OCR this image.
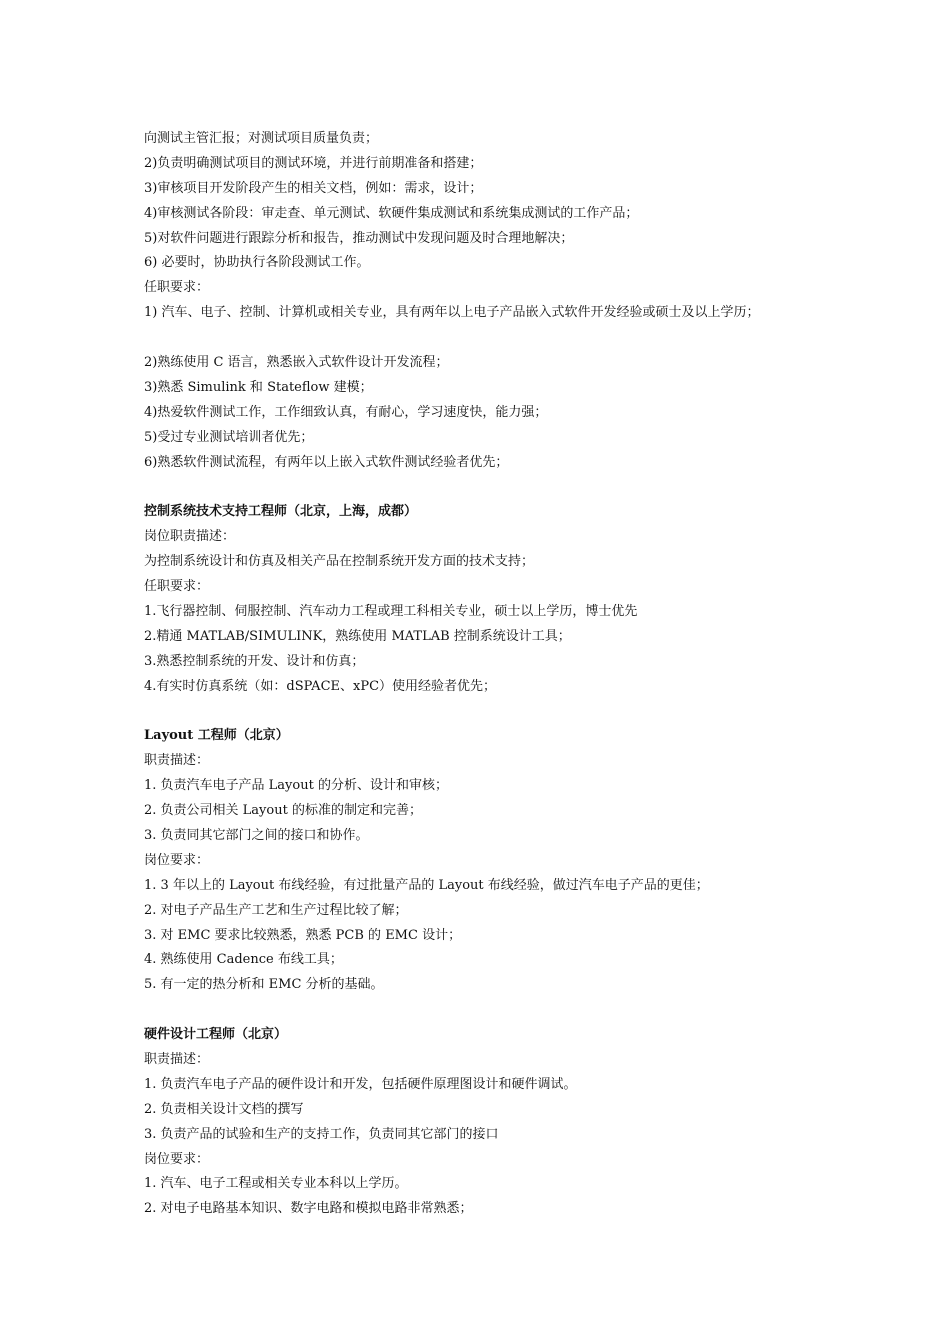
向测试主管汇报；对测试项目质量负责；
2)负责明确测试项目的测试环境，并进行前期准备和搭建；
3)审核项目开发阶段产生的相关文档，例如：需求，设计；
4)审核测试各阶段：审走查、单元测试、软硬件集成测试和系统集成测试的工作产品；
5)对软件问题进行跟踪分析和报告，推动测试中发现问题及时合理地解决；
6) 必要时，协助执行各阶段测试工作。
任职要求：
1) 汽车、电子、控制、计算机或相关专业，具有两年以上电子产品嵌入式软件开发经验或硕士及以上学历；
2)熟练使用 C 语言，熟悉嵌入式软件设计开发流程；
3)熟悉 Simulink 和 Stateflow 建模；
4)热爱软件测试工作，工作细致认真，有耐心，学习速度快，能力强；
5)受过专业测试培训者优先；
6)熟悉软件测试流程，有两年以上嵌入式软件测试经验者优先；
控制系统技术支持工程师（北京，上海，成都）
岗位职责描述：
为控制系统设计和仿真及相关产品在控制系统开发方面的技术支持；
任职要求：
1.飞行器控制、伺服控制、汽车动力工程或理工科相关专业，硕士以上学历，博士优先
2.精通 MATLAB/SIMULINK，熟练使用 MATLAB 控制系统设计工具；
3.熟悉控制系统的开发、设计和仿真；
4.有实时仿真系统（如：dSPACE、xPC）使用经验者优先；
Layout 工程师（北京）
职责描述：
1. 负责汽车电子产品 Layout 的分析、设计和审核；
2. 负责公司相关 Layout 的标准的制定和完善；
3. 负责同其它部门之间的接口和协作。
岗位要求：
1. 3 年以上的 Layout 布线经验，有过批量产品的 Layout 布线经验，做过汽车电子产品的更佳；
2. 对电子产品生产工艺和生产过程比较了解；
3. 对 EMC 要求比较熟悉，熟悉 PCB 的 EMC 设计；
4. 熟练使用 Cadence 布线工具；
5. 有一定的热分析和 EMC 分析的基础。
硬件设计工程师（北京）
职责描述：
1. 负责汽车电子产品的硬件设计和开发，包括硬件原理图设计和硬件调试。
2. 负责相关设计文档的撰写
3. 负责产品的试验和生产的支持工作，负责同其它部门的接口
岗位要求：
1. 汽车、电子工程或相关专业本科以上学历。
2. 对电子电路基本知识、数字电路和模拟电路非常熟悉；
